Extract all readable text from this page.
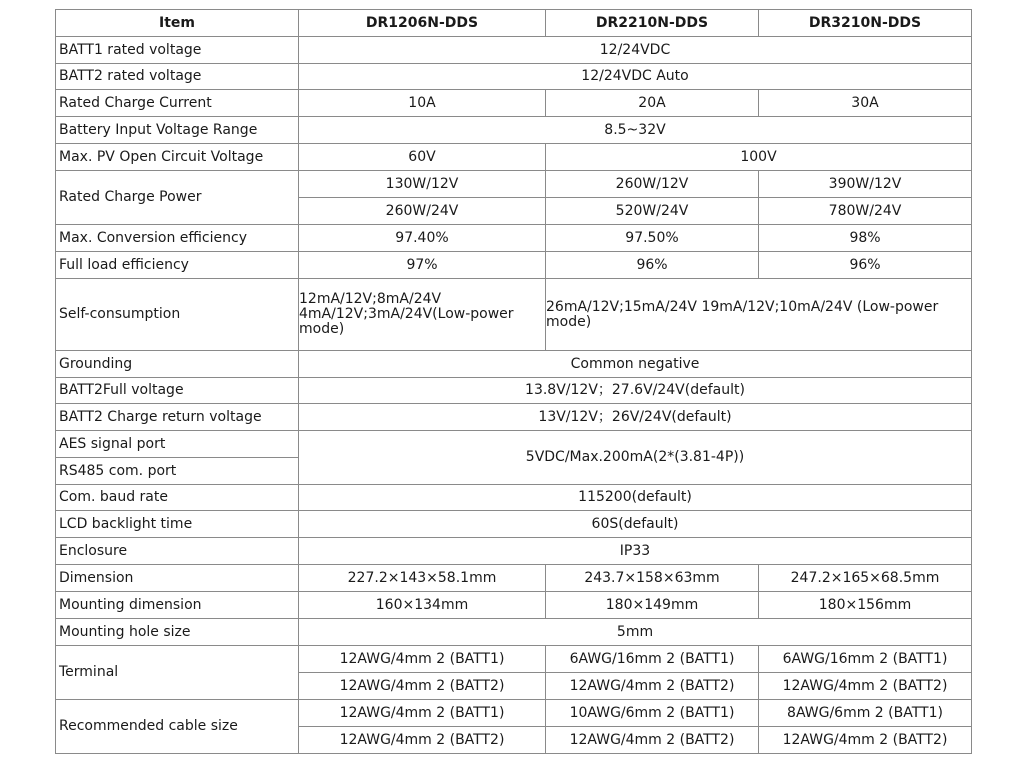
Item	DR1206N-DDS	DR2210N-DDS	DR3210N-DDS
BATT1 rated voltage	12/24VDC		
BATT2 rated voltage	12/24VDC Auto		
Rated Charge Current	10A	20A	30A
Battery Input Voltage Range	8.5~32V		
Max. PV Open Circuit Voltage	60V	100V	
Rated Charge Power	130W/12V	260W/12V	390W/12V
	260W/24V	520W/24V	780W/24V
Max. Conversion efficiency	97.40%	97.50%	98%
Full load efficiency	97%	96%	96%
Self-consumption	12mA/12V;8mA/24V 4mA/12V;3mA/24V(Low-power mode)	26mA/12V;15mA/24V 19mA/12V;10mA/24V (Low-power mode)	
Grounding	Common negative		
BATT2Full voltage	13.8V/12V；27.6V/24V(default)		
BATT2 Charge return voltage	13V/12V；26V/24V(default)		
AES signal port	5VDC/Max.200mA(2*(3.81-4P))		
RS485 com. port			
Com. baud rate	115200(default)		
LCD backlight time	60S(default)		
Enclosure	IP33		
Dimension	227.2×143×58.1mm	243.7×158×63mm	247.2×165×68.5mm
Mounting dimension	160×134mm	180×149mm	180×156mm
Mounting hole size	5mm		
Terminal	12AWG/4mm 2 (BATT1)	6AWG/16mm 2 (BATT1)	6AWG/16mm 2 (BATT1)
	12AWG/4mm 2 (BATT2)	12AWG/4mm 2 (BATT2)	12AWG/4mm 2 (BATT2)
Recommended cable size	12AWG/4mm 2 (BATT1)	10AWG/6mm 2 (BATT1)	8AWG/6mm 2 (BATT1)
	12AWG/4mm 2 (BATT2)	12AWG/4mm 2 (BATT2)	12AWG/4mm 2 (BATT2)
